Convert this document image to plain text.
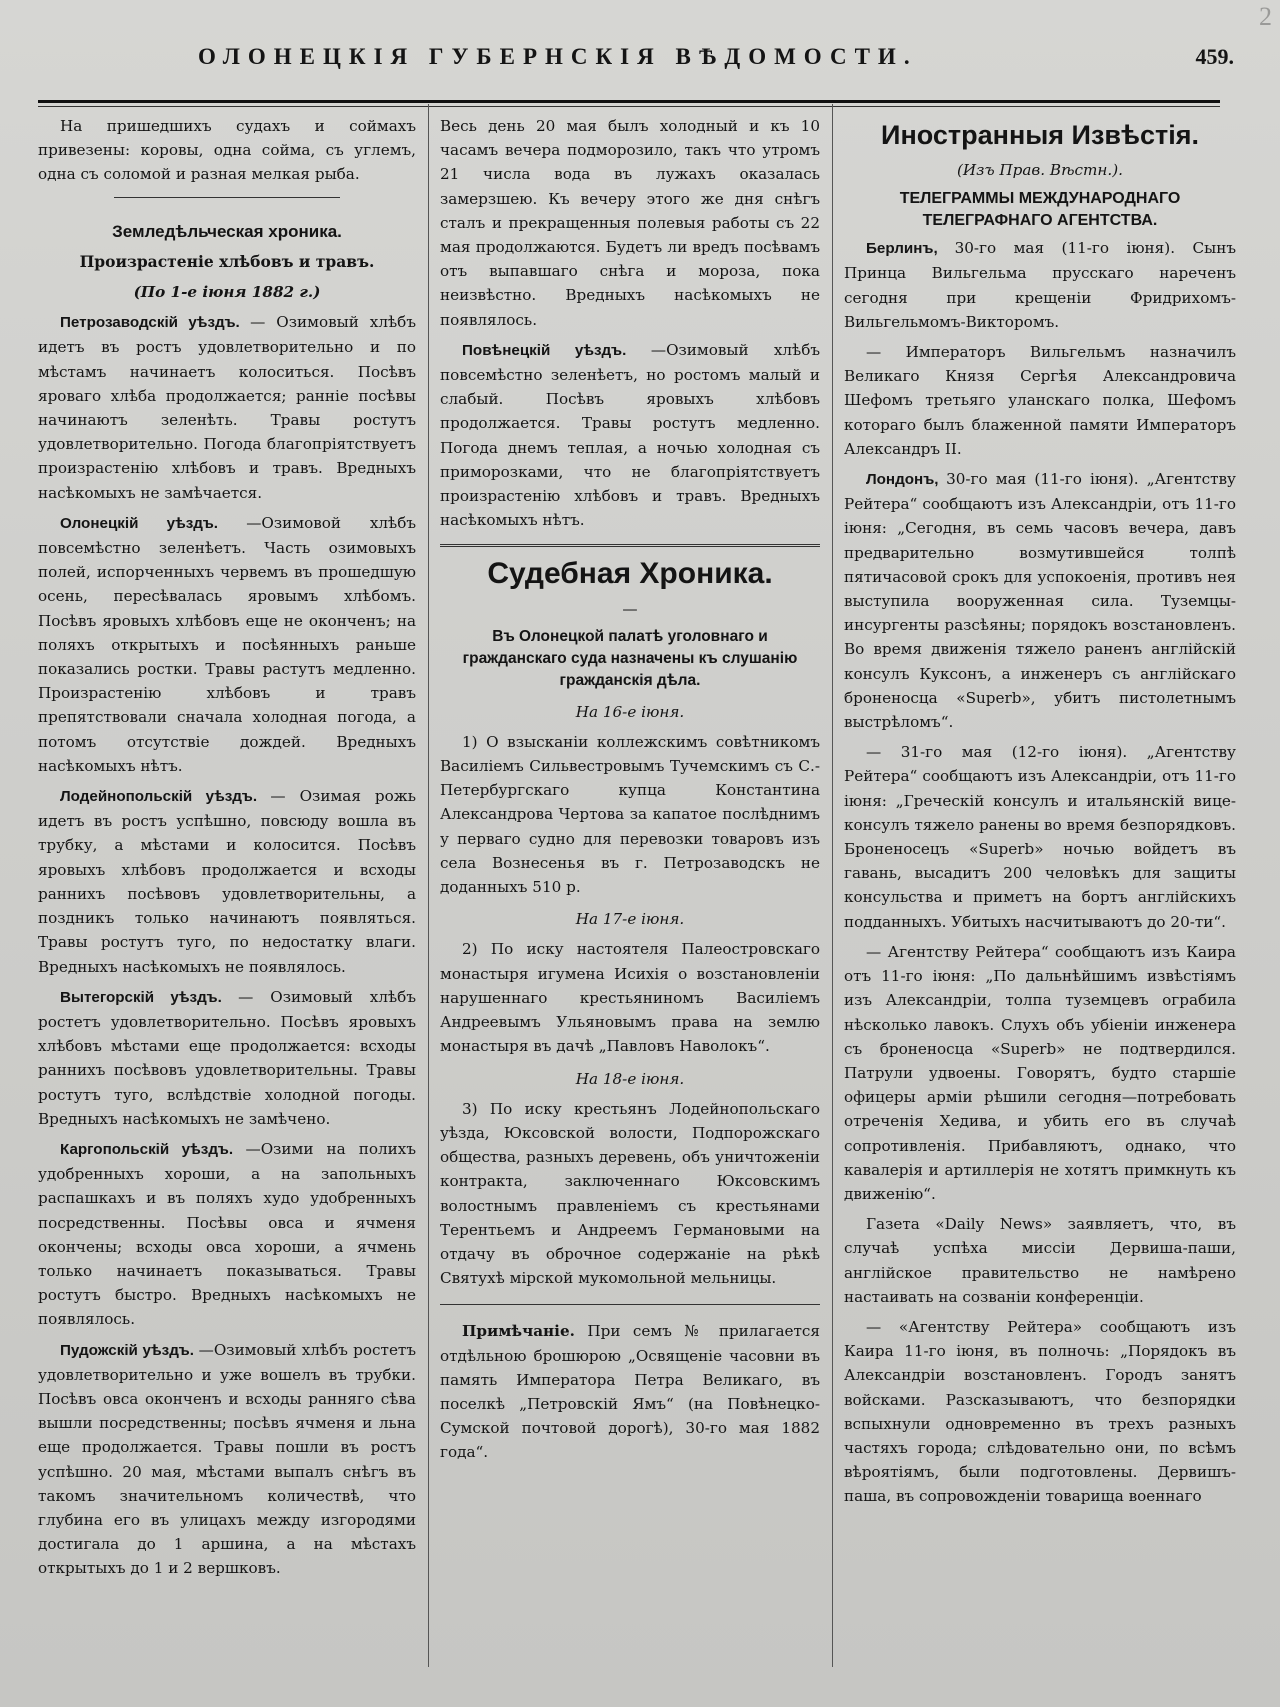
2
ОЛОНЕЦКІЯ ГУБЕРНСКІЯ ВѢДОМОСТИ.	459.

На пришедшихъ судахъ и соймахъ привезены: коровы, одна сойма, съ углемъ, одна съ соломой и разная мелкая рыба.

Земледѣльческая хроника.
Произрастеніе хлѣбовъ и травъ.
(По 1-е іюня 1882 г.)

Петрозаводскій уѣздъ. — Озимовый хлѣбъ идетъ въ ростъ удовлетворительно и по мѣстамъ начинаетъ колоситься. Посѣвъ яроваго хлѣба продолжается; ранніе посѣвы начинаютъ зеленѣть. Травы ростутъ удовлетворительно. Погода благопріятствуетъ произрастенію хлѣбовъ и травъ. Вредныхъ насѣкомыхъ не замѣчается.

Олонецкій уѣздъ. —Озимовой хлѣбъ повсемѣстно зеленѣетъ. Часть озимовыхъ полей, испорченныхъ червемъ въ прошедшую осень, пересѣвалась яровымъ хлѣбомъ. Посѣвъ яровыхъ хлѣбовъ еще не оконченъ; на поляхъ открытыхъ и посѣянныхъ раньше показались ростки. Травы растутъ медленно. Произрастенію хлѣбовъ и травъ препятствовали сначала холодная погода, а потомъ отсутствіе дождей. Вредныхъ насѣкомыхъ нѣтъ.

Лодейнопольскій уѣздъ. — Озимая рожь идетъ въ ростъ успѣшно, повсюду вошла въ трубку, а мѣстами и колосится. Посѣвъ яровыхъ хлѣбовъ продолжается и всходы раннихъ посѣвовъ удовлетворительны, а поздникъ только начинаютъ появляться. Травы ростутъ туго, по недостатку влаги. Вредныхъ насѣкомыхъ не появлялось.

Вытегорскій уѣздъ. — Озимовый хлѣбъ ростетъ удовлетворительно. Посѣвъ яровыхъ хлѣбовъ мѣстами еще продолжается: всходы раннихъ посѣвовъ удовлетворительны. Травы ростутъ туго, вслѣдствіе холодной погоды. Вредныхъ насѣкомыхъ не замѣчено.

Каргопольскій уѣздъ. —Озими на полихъ удобренныхъ хороши, а на запольныхъ распашкахъ и въ поляхъ худо удобренныхъ посредственны. Посѣвы овса и ячменя окончены; всходы овса хороши, а ячмень только начинаетъ показываться. Травы ростутъ быстро. Вредныхъ насѣкомыхъ не появлялось.

Пудожскій уѣздъ. —Озимовый хлѣбъ ростетъ удовлетворительно и уже вошелъ въ трубки. Посѣвъ овса оконченъ и всходы ранняго сѣва вышли посредственны; посѣвъ ячменя и льна еще продолжается. Травы пошли въ ростъ успѣшно. 20 мая, мѣстами выпалъ снѣгъ въ такомъ значительномъ количествѣ, что глубина его въ улицахъ между изгородями достигала до 1 аршина, а на мѣстахъ открытыхъ до 1 и 2 вершковъ.

Весь день 20 мая былъ холодный и къ 10 часамъ вечера подморозило, такъ что утромъ 21 числа вода въ лужахъ оказалась замерзшею. Къ вечеру этого же дня снѣгъ сталъ и прекращенныя полевыя работы съ 22 мая продолжаются. Будетъ ли вредъ посѣвамъ отъ выпавшаго снѣга и мороза, пока неизвѣстно. Вредныхъ насѣкомыхъ не появлялось.

Повѣнецкій уѣздъ. —Озимовый хлѣбъ повсемѣстно зеленѣетъ, но ростомъ малый и слабый. Посѣвъ яровыхъ хлѣбовъ продолжается. Травы ростутъ медленно. Погода днемъ теплая, а ночью холодная съ приморозками, что не благопріятствуетъ произрастенію хлѣбовъ и травъ. Вредныхъ насѣкомыхъ нѣтъ.

Судебная Хроника.
—
Въ Олонецкой палатѣ уголовнаго и гражданскаго суда назначены къ слушанію гражданскія дѣла.
На 16-е іюня.

1) О взысканіи коллежскимъ совѣтникомъ Василіемъ Сильвестровымъ Тучемскимъ съ С.-Петербургскаго купца Константина Александрова Чертова за капатое послѣднимъ у перваго судно для перевозки товаровъ изъ села Вознесенья въ г. Петрозаводскъ не доданныхъ 510 р.

На 17-е іюня.

2) По иску настоятеля Палеостровскаго монастыря игумена Исихія о возстановленіи нарушеннаго крестьяниномъ Василіемъ Андреевымъ Ульяновымъ права на землю монастыря въ дачѣ „Павловъ Наволокъ“.

На 18-е іюня.

3) По иску крестьянъ Лодейнопольскаго уѣзда, Юксовской волости, Подпорожскаго общества, разныхъ деревень, объ уничтоженіи контракта, заключеннаго Юксовскимъ волостнымъ правленіемъ съ крестьянами Терентьемъ и Андреемъ Германовыми на отдачу въ оброчное содержаніе на рѣкѣ Святухѣ мірской мукомольной мельницы.

Примѣчаніе. При семъ № прилагается отдѣльною брошюрою „Освященіе часовни въ память Императора Петра Великаго, въ поселкѣ „Петровскій Ямъ“ (на Повѣнецко-Сумской почтовой дорогѣ), 30-го мая 1882 года“.

Иностранныя Извѣстія.
(Изъ Прав. Вѣстн.).
ТЕЛЕГРАММЫ МЕЖДУНАРОДНАГО ТЕЛЕГРАФНАГО АГЕНТСТВА.

Берлинъ, 30-го мая (11-го іюня). Сынъ Принца Вильгельма прусскаго нареченъ сегодня при крещеніи Фридрихомъ-Вильгельмомъ-Викторомъ.

— Императоръ Вильгельмъ назначилъ Великаго Князя Сергѣя Александровича Шефомъ третьяго уланскаго полка, Шефомъ котораго былъ блаженной памяти Императоръ Александръ II.

Лондонъ, 30-го мая (11-го іюня). „Агентству Рейтера“ сообщаютъ изъ Александріи, отъ 11-го іюня: „Сегодня, въ семь часовъ вечера, давъ предварительно возмутившейся толпѣ пятичасовой срокъ для успокоенія, противъ нея выступила вооруженная сила. Туземцы-инсургенты разсѣяны; порядокъ возстановленъ. Во время движенія тяжело раненъ англійскій консулъ Куксонъ, а инженеръ съ англійскаго броненосца «Superb», убитъ пистолетнымъ выстрѣломъ“.

— 31-го мая (12-го іюня). „Агентству Рейтера“ сообщаютъ изъ Александріи, отъ 11-го іюня: „Греческій консулъ и итальянскій вице-консулъ тяжело ранены во время безпорядковъ. Броненосецъ «Superb» ночью войдетъ въ гавань, высадитъ 200 человѣкъ для защиты консульства и приметъ на бортъ англійскихъ подданныхъ. Убитыхъ насчитываютъ до 20-ти“.

— Агентству Рейтера“ сообщаютъ изъ Каира отъ 11-го іюня: „По дальнѣйшимъ извѣстіямъ изъ Александріи, толпа туземцевъ ограбила нѣсколько лавокъ. Слухъ объ убіеніи инженера съ броненосца «Superb» не подтвердился. Патрули удвоены. Говорятъ, будто старшіе офицеры арміи рѣшили сегодня—потребовать отреченія Хедива, и убить его въ случаѣ сопротивленія. Прибавляютъ, однако, что кавалерія и артиллерія не хотятъ примкнуть къ движенію“.

Газета «Daily News» заявляетъ, что, въ случаѣ успѣха миссіи Дервиша-паши, англійское правительство не намѣрено настаивать на созваніи конференціи.

— «Агентству Рейтера» сообщаютъ изъ Каира 11-го іюня, въ полночь: „Порядокъ въ Александріи возстановленъ. Городъ занятъ войсками. Разсказываютъ, что безпорядки вспыхнули одновременно въ трехъ разныхъ частяхъ города; слѣдовательно они, по всѣмъ вѣроятіямъ, были подготовлены. Дервишъ-паша, въ сопровожденіи товарища военнаго
